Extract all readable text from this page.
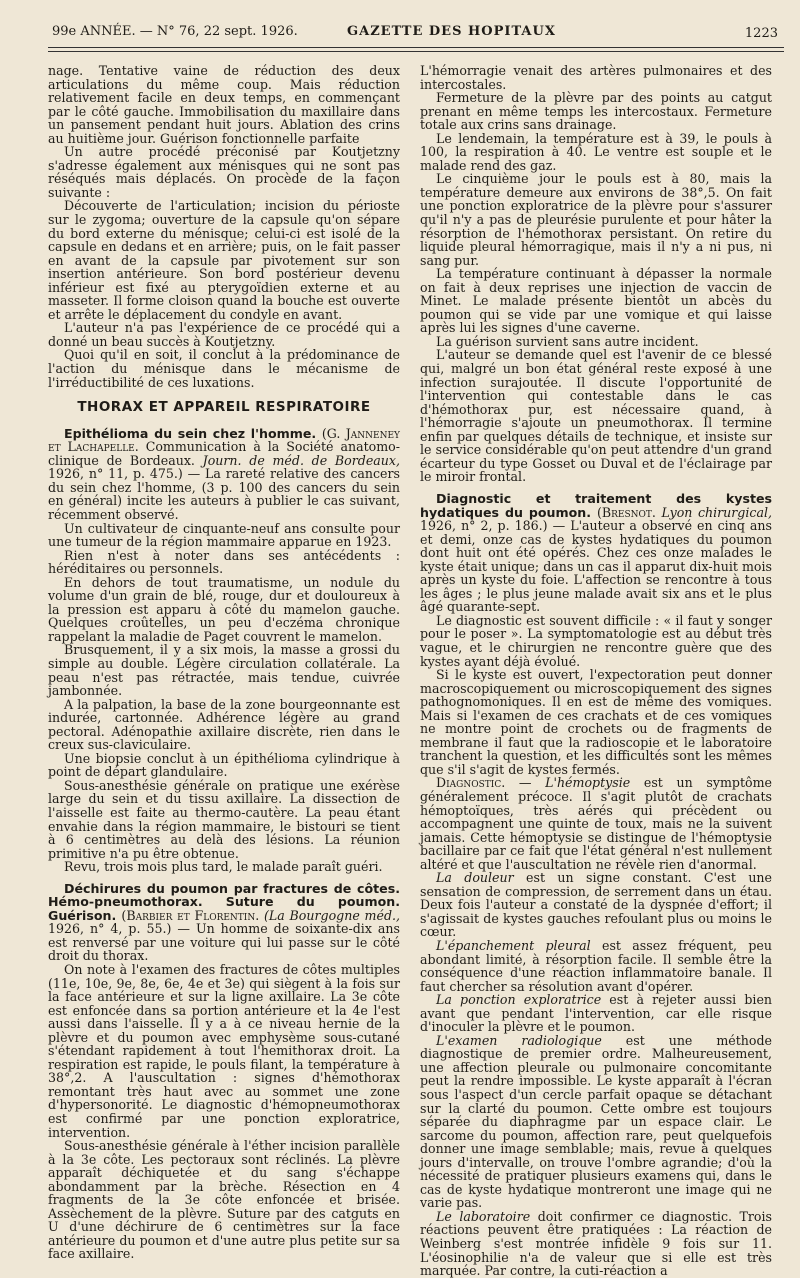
99e ANNÉE. — N° 76, 22 sept. 1926.	GAZETTE DES HOPITAUX	1223

nage. Tentative vaine de réduction des deux articulations du même coup. Mais réduction relativement facile en deux temps, en commençant par le côté gauche. Immobilisation du maxillaire dans un pansement pendant huit jours. Ablation des crins au huitième jour. Guérison fonctionnelle parfaite

Un autre procédé préconisé par Koutjetzny s'adresse également aux ménisques qui ne sont pas réséqués mais déplacés. On procède de la façon suivante :

Découverte de l'articulation; incision du périoste sur le zygoma; ouverture de la capsule qu'on sépare du bord externe du ménisque; celui-ci est isolé de la capsule en dedans et en arrière; puis, on le fait passer en avant de la capsule par pivotement sur son insertion antérieure. Son bord postérieur devenu inférieur est fixé au pterygoïdien externe et au masseter. Il forme cloison quand la bouche est ouverte et arrête le déplacement du condyle en avant.

L'auteur n'a pas l'expérience de ce procédé qui a donné un beau succès à Koutjetzny.

Quoi qu'il en soit, il conclut à la prédominance de l'action du ménisque dans le mécanisme de l'irréductibilité de ces luxations.

THORAX ET APPAREIL RESPIRATOIRE

Epithélioma du sein chez l'homme. (G. Janneney et Lachapelle. Communication à la Société anatomo-clinique de Bordeaux. Journ. de méd. de Bordeaux, 1926, n° 11, p. 475.) — La rareté relative des cancers du sein chez l'homme, (3 p. 100 des cancers du sein en général) incite les auteurs à publier le cas suivant, récemment observé.

Un cultivateur de cinquante-neuf ans consulte pour une tumeur de la région mammaire apparue en 1923.

Rien n'est à noter dans ses antécédents : héréditaires ou personnels.

En dehors de tout traumatisme, un nodule du volume d'un grain de blé, rouge, dur et douloureux à la pression est apparu à côté du mamelon gauche. Quelques croûtelles, un peu d'eczéma chronique rappelant la maladie de Paget couvrent le mamelon.

Brusquement, il y a six mois, la masse a grossi du simple au double. Légère circulation collatérale. La peau n'est pas rétractée, mais tendue, cuivrée jambonnée.

A la palpation, la base de la zone bourgeonnante est indurée, cartonnée. Adhérence légère au grand pectoral. Adénopathie axillaire discrète, rien dans le creux sus-claviculaire.

Une biopsie conclut à un épithélioma cylindrique à point de départ glandulaire.

Sous-anesthésie générale on pratique une exérèse large du sein et du tissu axillaire. La dissection de l'aisselle est faite au thermo-cautère. La peau étant envahie dans la région mammaire, le bistouri se tient à 6 centimètres au delà des lésions. La réunion primitive n'a pu être obtenue.

Revu, trois mois plus tard, le malade paraît guéri.

Déchirures du poumon par fractures de côtes. Hémo-pneumothorax. Suture du poumon. Guérison. (Barbier et Florentin. (La Bourgogne méd., 1926, n° 4, p. 55.) — Un homme de soixante-dix ans est renversé par une voiture qui lui passe sur le côté droit du thorax.

On note à l'examen des fractures de côtes multiples (11e, 10e, 9e, 8e, 6e, 4e et 3e) qui siègent à la fois sur la face antérieure et sur la ligne axillaire. La 3e côte est enfoncée dans sa portion antérieure et la 4e l'est aussi dans l'aisselle. Il y a à ce niveau hernie de la plèvre et du poumon avec emphysème sous-cutané s'étendant rapidement à tout l'hemithorax droit. La respiration est rapide, le pouls filant, la température à 38°,2. A l'auscultation : signes d'hémothorax remontant très haut avec au sommet une zone d'hypersonorité. Le diagnostic d'hémopneumothorax est confirmé par une ponction exploratrice, intervention.

Sous-anesthésie générale à l'éther incision parallèle à la 3e côte. Les pectoraux sont réclinés. La plèvre apparaît déchiquetée et du sang s'échappe abondamment par la brèche. Résection en 4 fragments de la 3e côte enfoncée et brisée. Assèchement de la plèvre. Suture par des catguts en U d'une déchirure de 6 centimètres sur la face antérieure du poumon et d'une autre plus petite sur sa face axillaire.

L'hémorragie venait des artères pulmonaires et des intercostales.

Fermeture de la plèvre par des points au catgut prenant en même temps les intercostaux. Fermeture totale aux crins sans drainage.

Le lendemain, la température est à 39, le pouls à 100, la respiration à 40. Le ventre est souple et le malade rend des gaz.

Le cinquième jour le pouls est à 80, mais la température demeure aux environs de 38°,5. On fait une ponction exploratrice de la plèvre pour s'assurer qu'il n'y a pas de pleurésie purulente et pour hâter la résorption de l'hémothorax persistant. On retire du liquide pleural hémorragique, mais il n'y a ni pus, ni sang pur.

La température continuant à dépasser la normale on fait à deux reprises une injection de vaccin de Minet. Le malade présente bientôt un abcès du poumon qui se vide par une vomique et qui laisse après lui les signes d'une caverne.

La guérison survient sans autre incident.

L'auteur se demande quel est l'avenir de ce blessé qui, malgré un bon état général reste exposé à une infection surajoutée. Il discute l'opportunité de l'intervention qui contestable dans le cas d'hémothorax pur, est nécessaire quand, à l'hémorragie s'ajoute un pneumothorax. Il termine enfin par quelques détails de technique, et insiste sur le service considérable qu'on peut attendre d'un grand écarteur du type Gosset ou Duval et de l'éclairage par le miroir frontal.

Diagnostic et traitement des kystes hydatiques du poumon. (Bresnot. Lyon chirurgical, 1926, n° 2, p. 186.) — L'auteur a observé en cinq ans et demi, onze cas de kystes hydatiques du poumon dont huit ont été opérés. Chez ces onze malades le kyste était unique; dans un cas il apparut dix-huit mois après un kyste du foie. L'affection se rencontre à tous les âges ; le plus jeune malade avait six ans et le plus âgé quarante-sept.

Le diagnostic est souvent difficile : « il faut y songer pour le poser ». La symptomatologie est au début très vague, et le chirurgien ne rencontre guère que des kystes ayant déjà évolué.

Si le kyste est ouvert, l'expectoration peut donner macroscopiquement ou microscopiquement des signes pathognomoniques. Il en est de même des vomiques. Mais si l'examen de ces crachats et de ces vomiques ne montre point de crochets ou de fragments de membrane il faut que la radioscopie et le laboratoire tranchent la question, et les difficultés sont les mêmes que s'il s'agit de kystes fermés.

Diagnostic. — L'hémoptysie est un symptôme généralement précoce. Il s'agit plutôt de crachats hémoptoïques, très aérés qui précèdent ou accompagnent une quinte de toux, mais ne la suivent jamais. Cette hémoptysie se distingue de l'hémoptysie bacillaire par ce fait que l'état général n'est nullement altéré et que l'auscultation ne révèle rien d'anormal.

La douleur est un signe constant. C'est une sensation de compression, de serrement dans un étau. Deux fois l'auteur a constaté de la dyspnée d'effort; il s'agissait de kystes gauches refoulant plus ou moins le cœur.

L'épanchement pleural est assez fréquent, peu abondant limité, à résorption facile. Il semble être la conséquence d'une réaction inflammatoire banale. Il faut chercher sa résolution avant d'opérer.

La ponction exploratrice est à rejeter aussi bien avant que pendant l'intervention, car elle risque d'inoculer la plèvre et le poumon.

L'examen radiologique est une méthode diagnostique de premier ordre. Malheureusement, une affection pleurale ou pulmonaire concomitante peut la rendre impossible. Le kyste apparaît à l'écran sous l'aspect d'un cercle parfait opaque se détachant sur la clarté du poumon. Cette ombre est toujours séparée du diaphragme par un espace clair. Le sarcome du poumon, affection rare, peut quelquefois donner une image semblable; mais, revue à quelques jours d'intervalle, on trouve l'ombre agrandie; d'où la nécessité de pratiquer plusieurs examens qui, dans le cas de kyste hydatique montreront une image qui ne varie pas.

Le laboratoire doit confirmer ce diagnostic. Trois réactions peuvent être pratiquées : La réaction de Weinberg s'est montrée infidèle 9 fois sur 11. L'éosinophilie n'a de valeur que si elle est très marquée. Par contre, la cuti-réaction a
